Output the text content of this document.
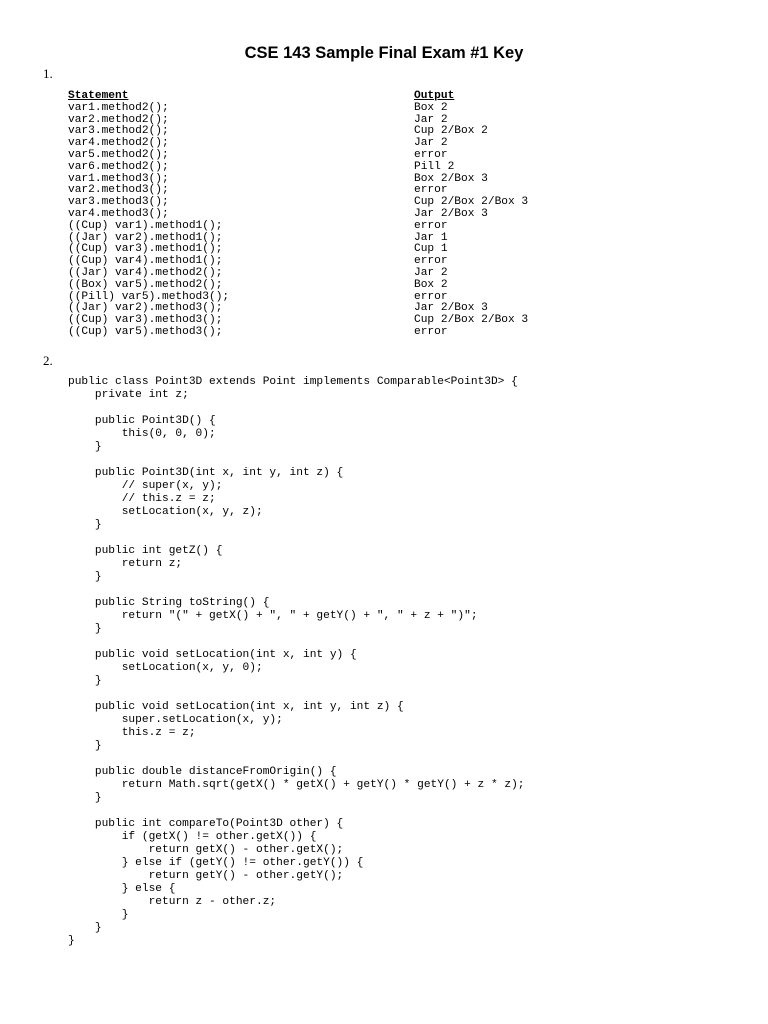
CSE 143 Sample Final Exam #1 Key
1.
Statement
var1.method2();
var2.method2();
var3.method2();
var4.method2();
var5.method2();
var6.method2();
var1.method3();
var2.method3();
var3.method3();
var4.method3();
((Cup) var1).method1();
((Jar) var2).method1();
((Cup) var3).method1();
((Cup) var4).method1();
((Jar) var4).method2();
((Box) var5).method2();
((Pill) var5).method3();
((Jar) var2).method3();
((Cup) var3).method3();
((Cup) var5).method3();
Output
Box 2
Jar 2
Cup 2/Box 2
Jar 2
error
Pill 2
Box 2/Box 3
error
Cup 2/Box 2/Box 3
Jar 2/Box 3
error
Jar 1
Cup 1
error
Jar 2
Box 2
error
Jar 2/Box 3
Cup 2/Box 2/Box 3
error
2.
public class Point3D extends Point implements Comparable<Point3D> {
private int z;
public Point3D() {
this(0, 0, 0);
}
public Point3D(int x, int y, int z) {
// super(x, y);
// this.z = z;
setLocation(x, y, z);
}
public int getZ() {
return z;
}
public String toString() {
return "(" + getX() + ", " + getY() + ", " + z + ")";
}
public void setLocation(int x, int y) {
setLocation(x, y, 0);
}
public void setLocation(int x, int y, int z) {
super.setLocation(x, y);
this.z = z;
}
public double distanceFromOrigin() {
return Math.sqrt(getX() * getX() + getY() * getY() + z * z);
}
public int compareTo(Point3D other) {
if (getX() != other.getX()) {
return getX() - other.getX();
} else if (getY() != other.getY()) {
return getY() - other.getY();
} else {
return z - other.z;
}
}
}
